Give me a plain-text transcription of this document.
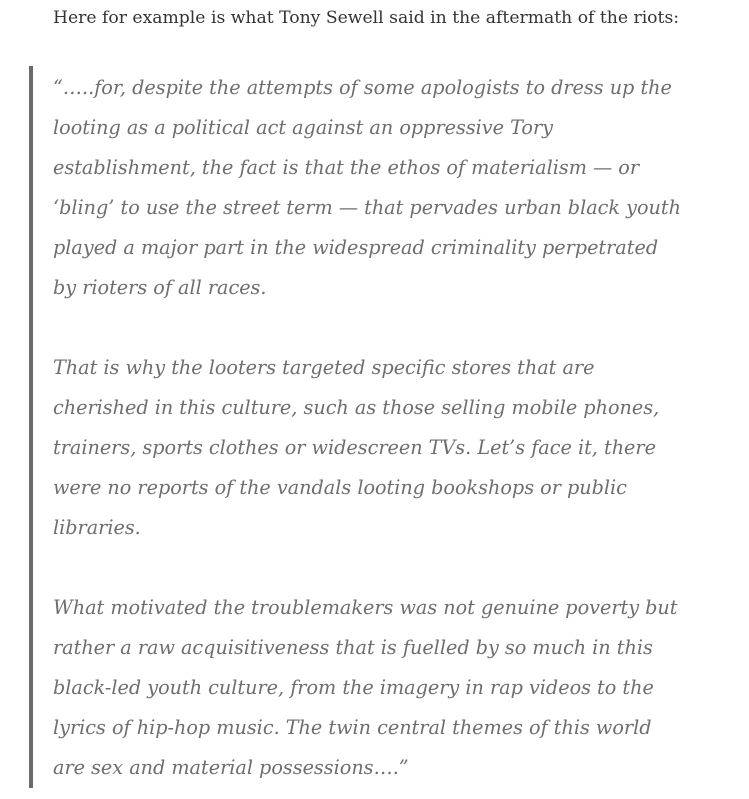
Here for example is what Tony Sewell said in the aftermath of the riots:

“…..for, despite the attempts of some apologists to dress up the
looting as a political act against an oppressive Tory
establishment, the fact is that the ethos of materialism — or
‘bling’ to use the street term — that pervades urban black youth
played a major part in the widespread criminality perpetrated
by rioters of all races.

That is why the looters targeted specific stores that are
cherished in this culture, such as those selling mobile phones,
trainers, sports clothes or widescreen TVs. Let’s face it, there
were no reports of the vandals looting bookshops or public
libraries.

What motivated the troublemakers was not genuine poverty but
rather a raw acquisitiveness that is fuelled by so much in this
black-led youth culture, from the imagery in rap videos to the
lyrics of hip-hop music. The twin central themes of this world
are sex and material possessions….”
